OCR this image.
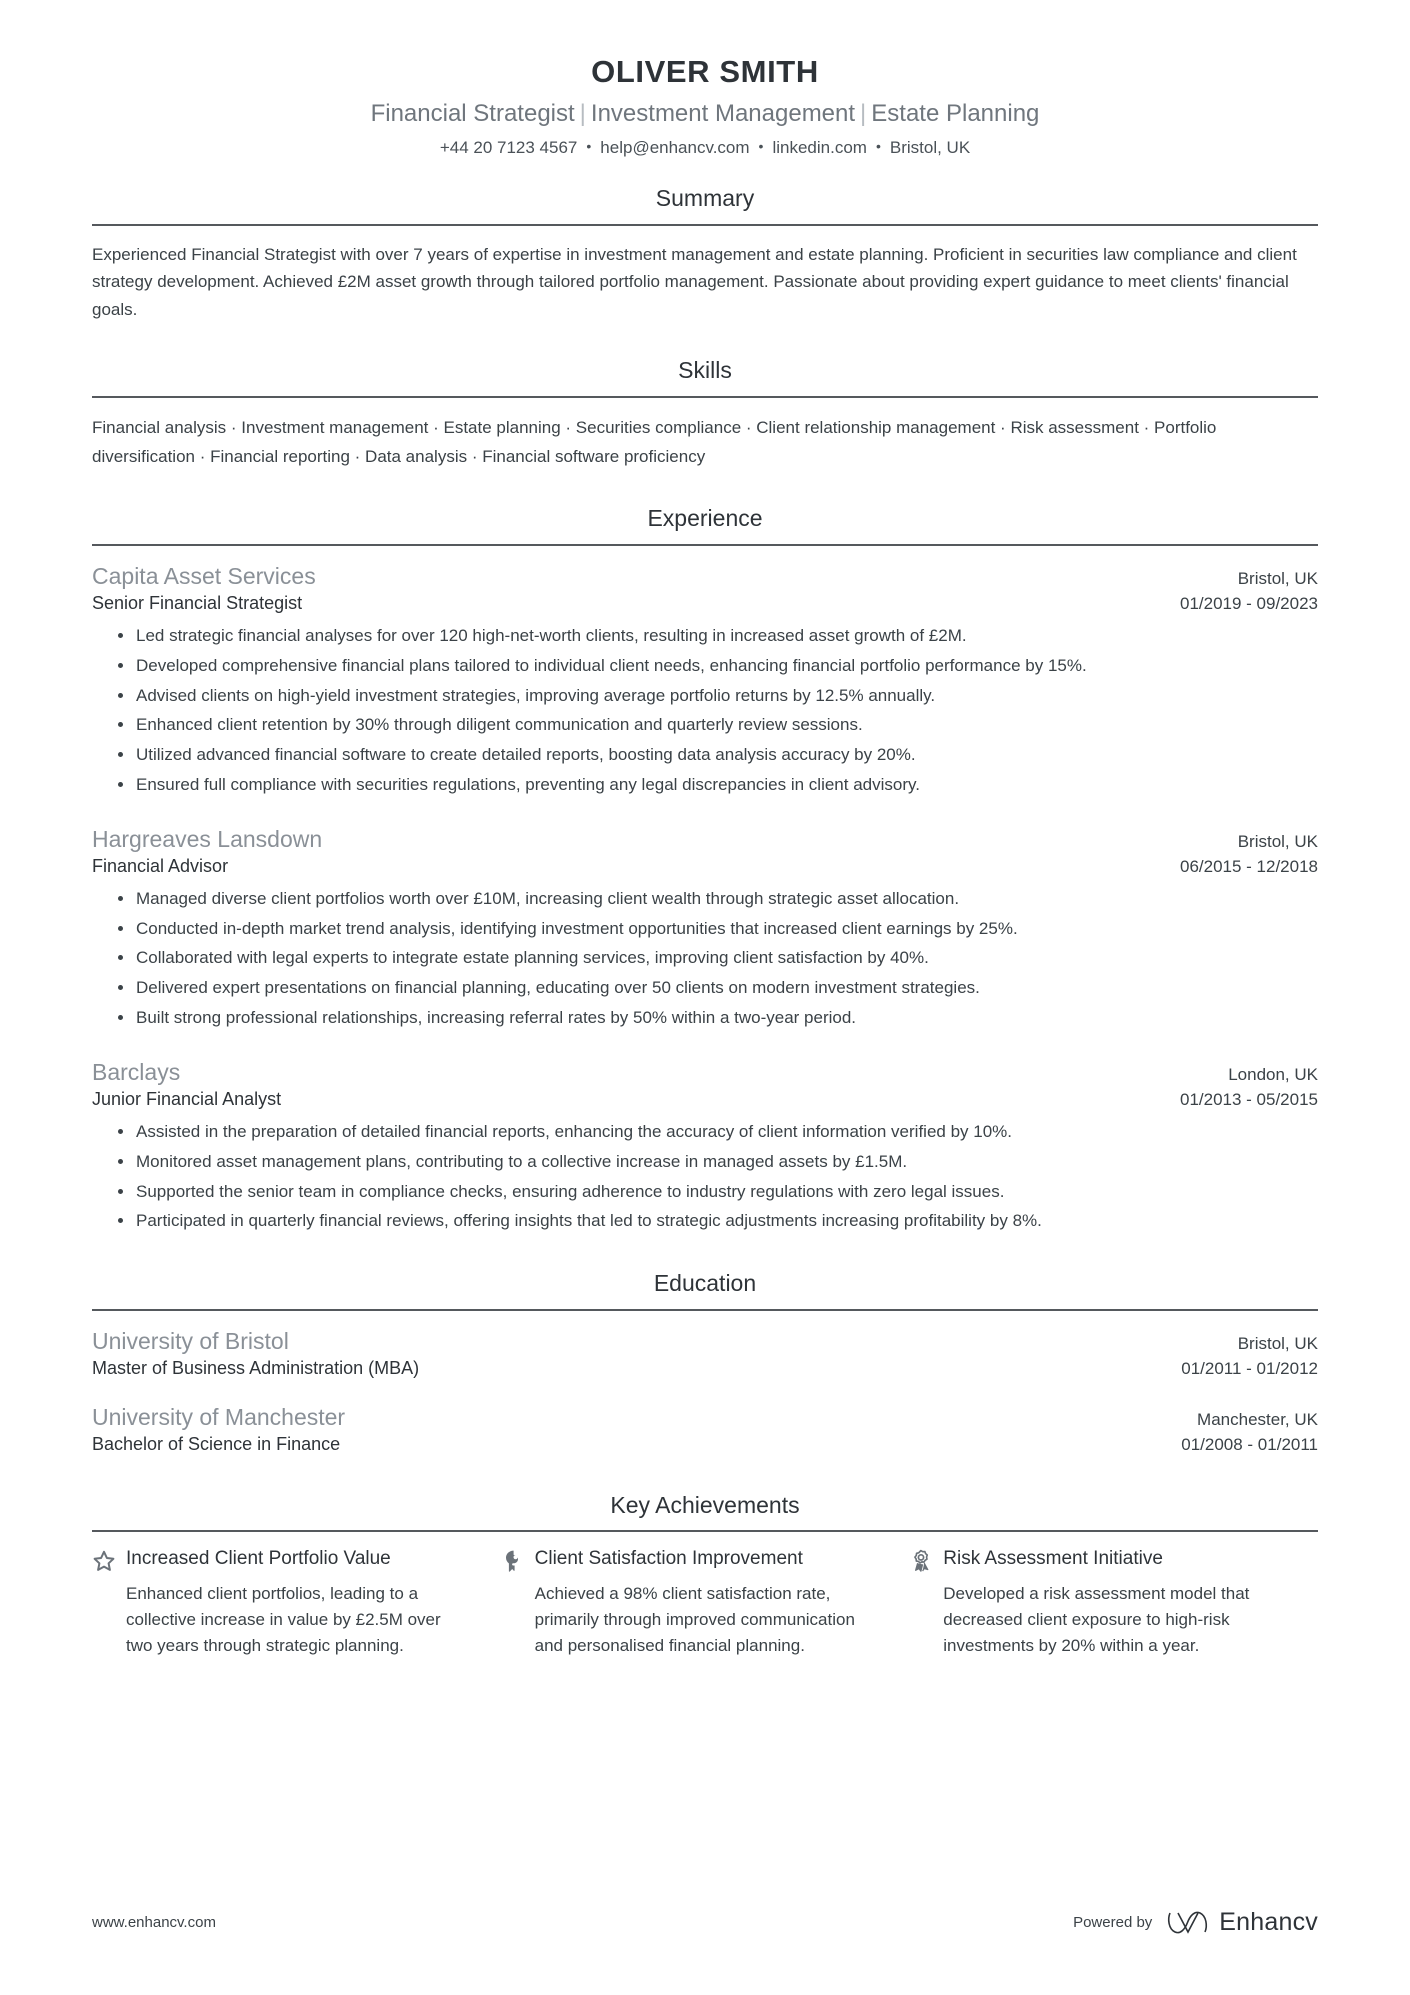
OLIVER SMITH
Financial Strategist | Investment Management | Estate Planning
+44 20 7123 4567 • help@enhancv.com • linkedin.com • Bristol, UK
Summary

Experienced Financial Strategist with over 7 years of expertise in investment management and estate planning. Proficient in securities law compliance and client strategy development. Achieved £2M asset growth through tailored portfolio management. Passionate about providing expert guidance to meet clients' financial goals.

Skills

Financial analysis · Investment management · Estate planning · Securities compliance · Client relationship management · Risk assessment · Portfolio diversification · Financial reporting · Data analysis · Financial software proficiency

Experience
Capita Asset Services	Bristol, UK
Senior Financial Strategist	01/2019 - 09/2023
Led strategic financial analyses for over 120 high-net-worth clients, resulting in increased asset growth of £2M.
Developed comprehensive financial plans tailored to individual client needs, enhancing financial portfolio performance by 15%.
Advised clients on high-yield investment strategies, improving average portfolio returns by 12.5% annually.
Enhanced client retention by 30% through diligent communication and quarterly review sessions.
Utilized advanced financial software to create detailed reports, boosting data analysis accuracy by 20%.
Ensured full compliance with securities regulations, preventing any legal discrepancies in client advisory.
Hargreaves Lansdown	Bristol, UK
Financial Advisor	06/2015 - 12/2018
Managed diverse client portfolios worth over £10M, increasing client wealth through strategic asset allocation.
Conducted in-depth market trend analysis, identifying investment opportunities that increased client earnings by 25%.
Collaborated with legal experts to integrate estate planning services, improving client satisfaction by 40%.
Delivered expert presentations on financial planning, educating over 50 clients on modern investment strategies.
Built strong professional relationships, increasing referral rates by 50% within a two-year period.
Barclays	London, UK
Junior Financial Analyst	01/2013 - 05/2015
Assisted in the preparation of detailed financial reports, enhancing the accuracy of client information verified by 10%.
Monitored asset management plans, contributing to a collective increase in managed assets by £1.5M.
Supported the senior team in compliance checks, ensuring adherence to industry regulations with zero legal issues.
Participated in quarterly financial reviews, offering insights that led to strategic adjustments increasing profitability by 8%.
Education
University of Bristol	Bristol, UK
Master of Business Administration (MBA)	01/2011 - 01/2012
University of Manchester	Manchester, UK
Bachelor of Science in Finance	01/2008 - 01/2011
Key Achievements
Increased Client Portfolio Value
Enhanced client portfolios, leading to a collective increase in value by £2.5M over two years through strategic planning.
Client Satisfaction Improvement
Achieved a 98% client satisfaction rate, primarily through improved communication and personalised financial planning.
Risk Assessment Initiative
Developed a risk assessment model that decreased client exposure to high-risk investments by 20% within a year.
www.enhancv.com	Powered by	Enhancv
